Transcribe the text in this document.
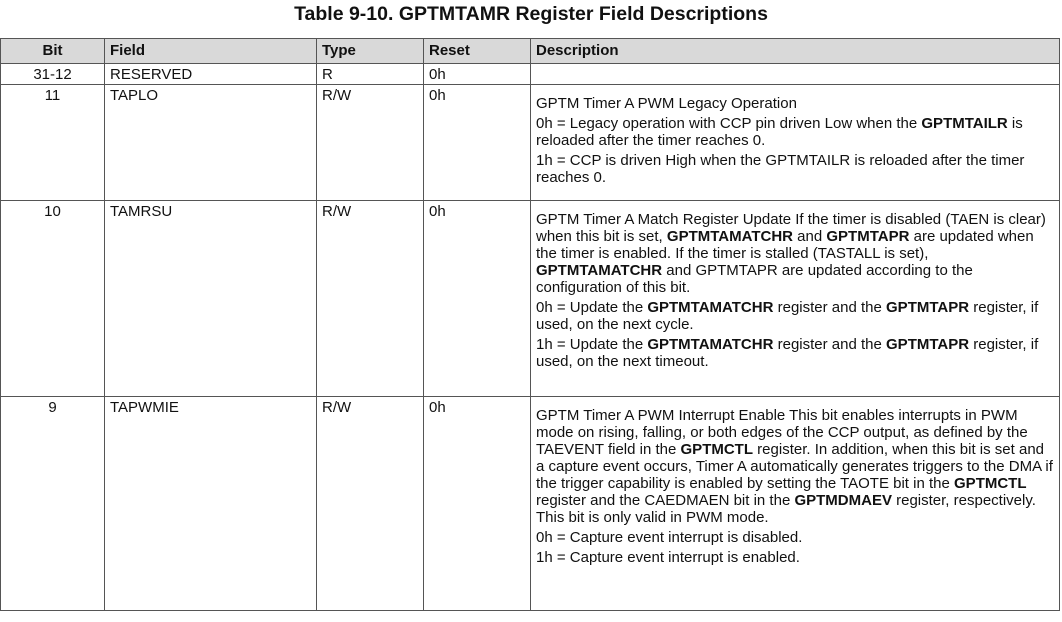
Table 9-10. GPTMTAMR Register Field Descriptions
Bit	Field	Type	Reset	Description
31-12	RESERVED	R	0h	
11	TAPLO	R/W	0h	GPTM Timer A PWM Legacy Operation
0h = Legacy operation with CCP pin driven Low when the GPTMTAILR is reloaded after the timer reaches 0.
1h = CCP is driven High when the GPTMTAILR is reloaded after the timer reaches 0.

10	TAMRSU	R/W	0h	GPTM Timer A Match Register Update If the timer is disabled (TAEN is clear) when this bit is set, GPTMTAMATCHR and GPTMTAPR are updated when the timer is enabled. If the timer is stalled (TASTALL is set), GPTMTAMATCHR and GPTMTAPR are updated according to the configuration of this bit.
0h = Update the GPTMTAMATCHR register and the GPTMTAPR register, if used, on the next cycle.
1h = Update the GPTMTAMATCHR register and the GPTMTAPR register, if used, on the next timeout.

9	TAPWMIE	R/W	0h	GPTM Timer A PWM Interrupt Enable This bit enables interrupts in PWM mode on rising, falling, or both edges of the CCP output, as defined by the TAEVENT field in the GPTMCTL register. In addition, when this bit is set and a capture event occurs, Timer A automatically generates triggers to the DMA if the trigger capability is enabled by setting the TAOTE bit in the GPTMCTL register and the CAEDMAEN bit in the GPTMDMAEV register, respectively. This bit is only valid in PWM mode.
0h = Capture event interrupt is disabled.
1h = Capture event interrupt is enabled.
